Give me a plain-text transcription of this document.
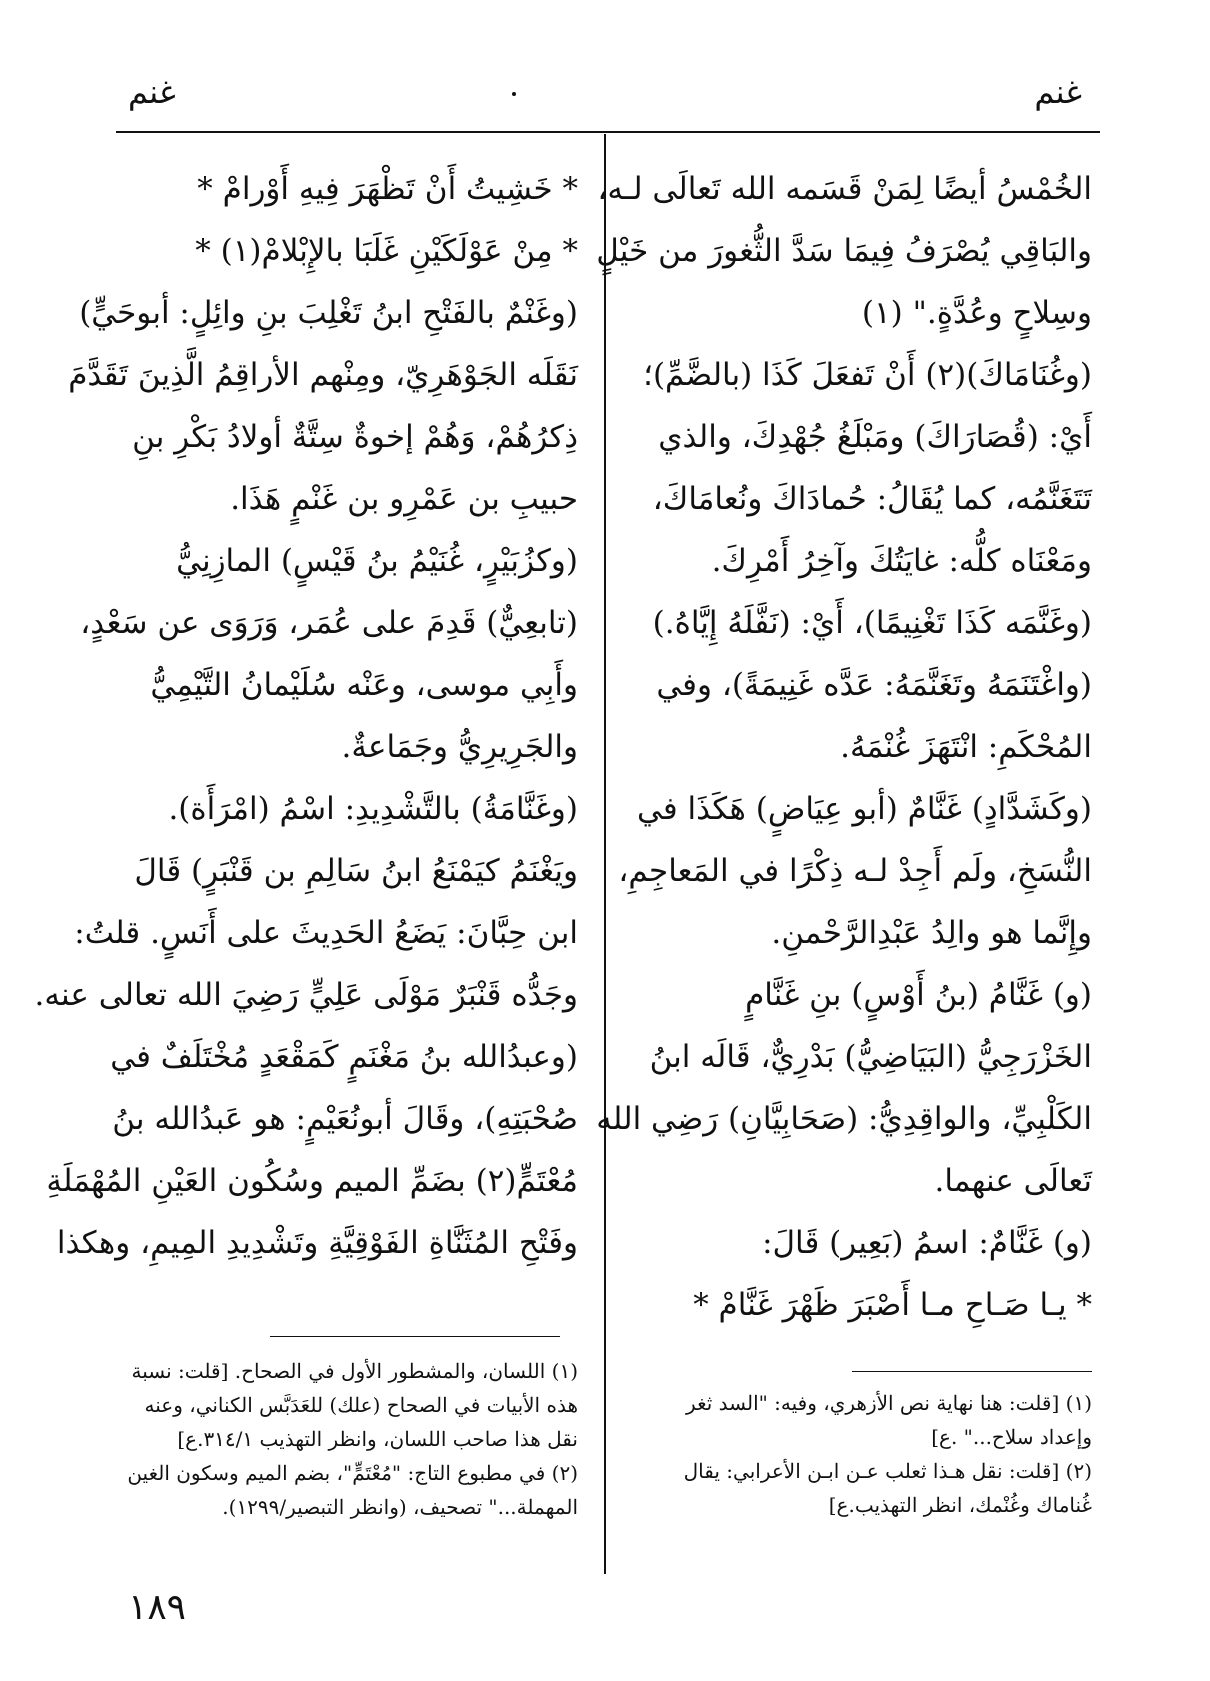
غنم
غنم

الخُمْسُ أيضًا لِمَنْ قَسَمه الله تَعالَى لـه،

والبَاقِي يُصْرَفُ فِيمَا سَدَّ الثُّغورَ من خَيْلٍ

وسِلاحٍ وعُدَّةٍ." (١)

(وغُنَامَاكَ)(٢) أَنْ تَفعَلَ كَذَا (بالضَّمِّ)؛

أَيْ: (قُصَارَاكَ) ومَبْلَغُ جُهْدِكَ، والذي

تَتَغَنَّمُه، كما يُقَالُ: حُمادَاكَ ونُعامَاكَ،

ومَعْنَاه كلُّه: غايَتُكَ وآخِرُ أَمْرِكَ.

(وغَنَّمَه كَذَا تَغْنِيمًا)، أَيْ: (نَفَّلَهُ إِيَّاهُ.)

(واغْتَنَمَهُ وتَغَنَّمَهُ: عَدَّه غَنِيمَةً)، وفي

المُحْكَمِ: انْتَهَزَ غُنْمَهُ.

(وكَشَدَّادٍ) غَنَّامٌ (أبو عِيَاضٍ) هَكَذَا في

النُّسَخِ، ولَم أَجِدْ لـه ذِكْرًا في المَعاجِمِ،

وإِنَّما هو والِدُ عَبْدِالرَّحْمنِ.

(و) غَنَّامُ (بنُ أَوْسٍ) بنِ غَنَّامٍ

الخَزْرَجِيُّ (البَيَاضِيُّ) بَدْرِيٌّ، قَالَه ابنُ

الكَلْبِيِّ، والواقِدِيُّ: (صَحَابِيَّانِ) رَضِي الله

تَعالَى عنهما.

(و) غَنَّامٌ: اسمُ (بَعِير) قَالَ:

* يـا صَـاحِ مـا أَصْبَرَ ظَهْرَ غَنَّامْ *

* خَشِيتُ أَنْ تَظْهَرَ فِيهِ أَوْرامْ *

* مِنْ عَوْلَكَيْنِ غَلَبَا بالإِبْلامْ(١) *

(وغَنْمٌ بالفَتْحِ ابنُ تَغْلِبَ بنِ وائِلٍ: أبوحَيٍّ)

نَقَلَه الجَوْهَرِيّ، ومِنْهم الأراقِمُ الَّذِينَ تَقَدَّمَ

ذِكرُهُمْ، وَهُمْ إخوةٌ سِتَّةٌ أولادُ بَكْرِ بنِ

حبيبِ بن عَمْرِو بن غَنْمٍ هَذَا.

(وكزُبَيْرٍ، غُنَيْمُ بنُ قَيْسٍ) المازِنِيُّ

(تابعِيٌّ) قَدِمَ على عُمَر، وَرَوَى عن سَعْدٍ،

وأَبِي موسى، وعَنْه سُلَيْمانُ التَّيْمِيُّ

والجَرِيرِيُّ وجَمَاعةٌ.

(وغَنَّامَةُ) بالتَّشْدِيدِ: اسْمُ (امْرَأَة).

ويَغْنَمُ كيَمْنَعُ ابنُ سَالِمِ بن قَنْبَرٍ) قَالَ

ابن حِبَّانَ: يَضَعُ الحَدِيثَ على أَنَسٍ. قلتُ:

وجَدُّه قَنْبَرٌ مَوْلَى عَلِيٍّ رَضِيَ الله تعالى عنه.

(وعبدُالله بنُ مَغْنَمٍ كَمَقْعَدٍ مُخْتَلَفٌ في

صُحْبَتِهِ)، وقَالَ أبونُعَيْمٍ: هو عَبدُالله بنُ

مُعْتَمٍّ(٢) بضَمِّ الميم وسُكُون العَيْنِ المُهْمَلَةِ

وفَتْحِ المُثَنَّاةِ الفَوْقِيَّةِ وتَشْدِيدِ المِيمِ، وهكذا

(١) [قلت: هنا نهاية نص الأزهري، وفيه: "السد ثغر

وإعداد سلاح..." .ع]

(٢) [قلت: نقل هـذا ثعلب عـن ابـن الأعرابي: يقال

غُناماك وغُنْمك، انظر التهذيب.ع]

(١) اللسان، والمشطور الأول في الصحاح. [قلت: نسبة

هذه الأبيات في الصحاح (علك) للعَدَبَّس الكناني، وعنه

نقل هذا صاحب اللسان، وانظر التهذيب ٣١٤/١.ع]

(٢) في مطبوع التاج: "مُعْتَمٍّ"، بضم الميم وسكون الغين

المهملة..." تصحيف، (وانظر التبصير/١٢٩٩).

١٨٩
